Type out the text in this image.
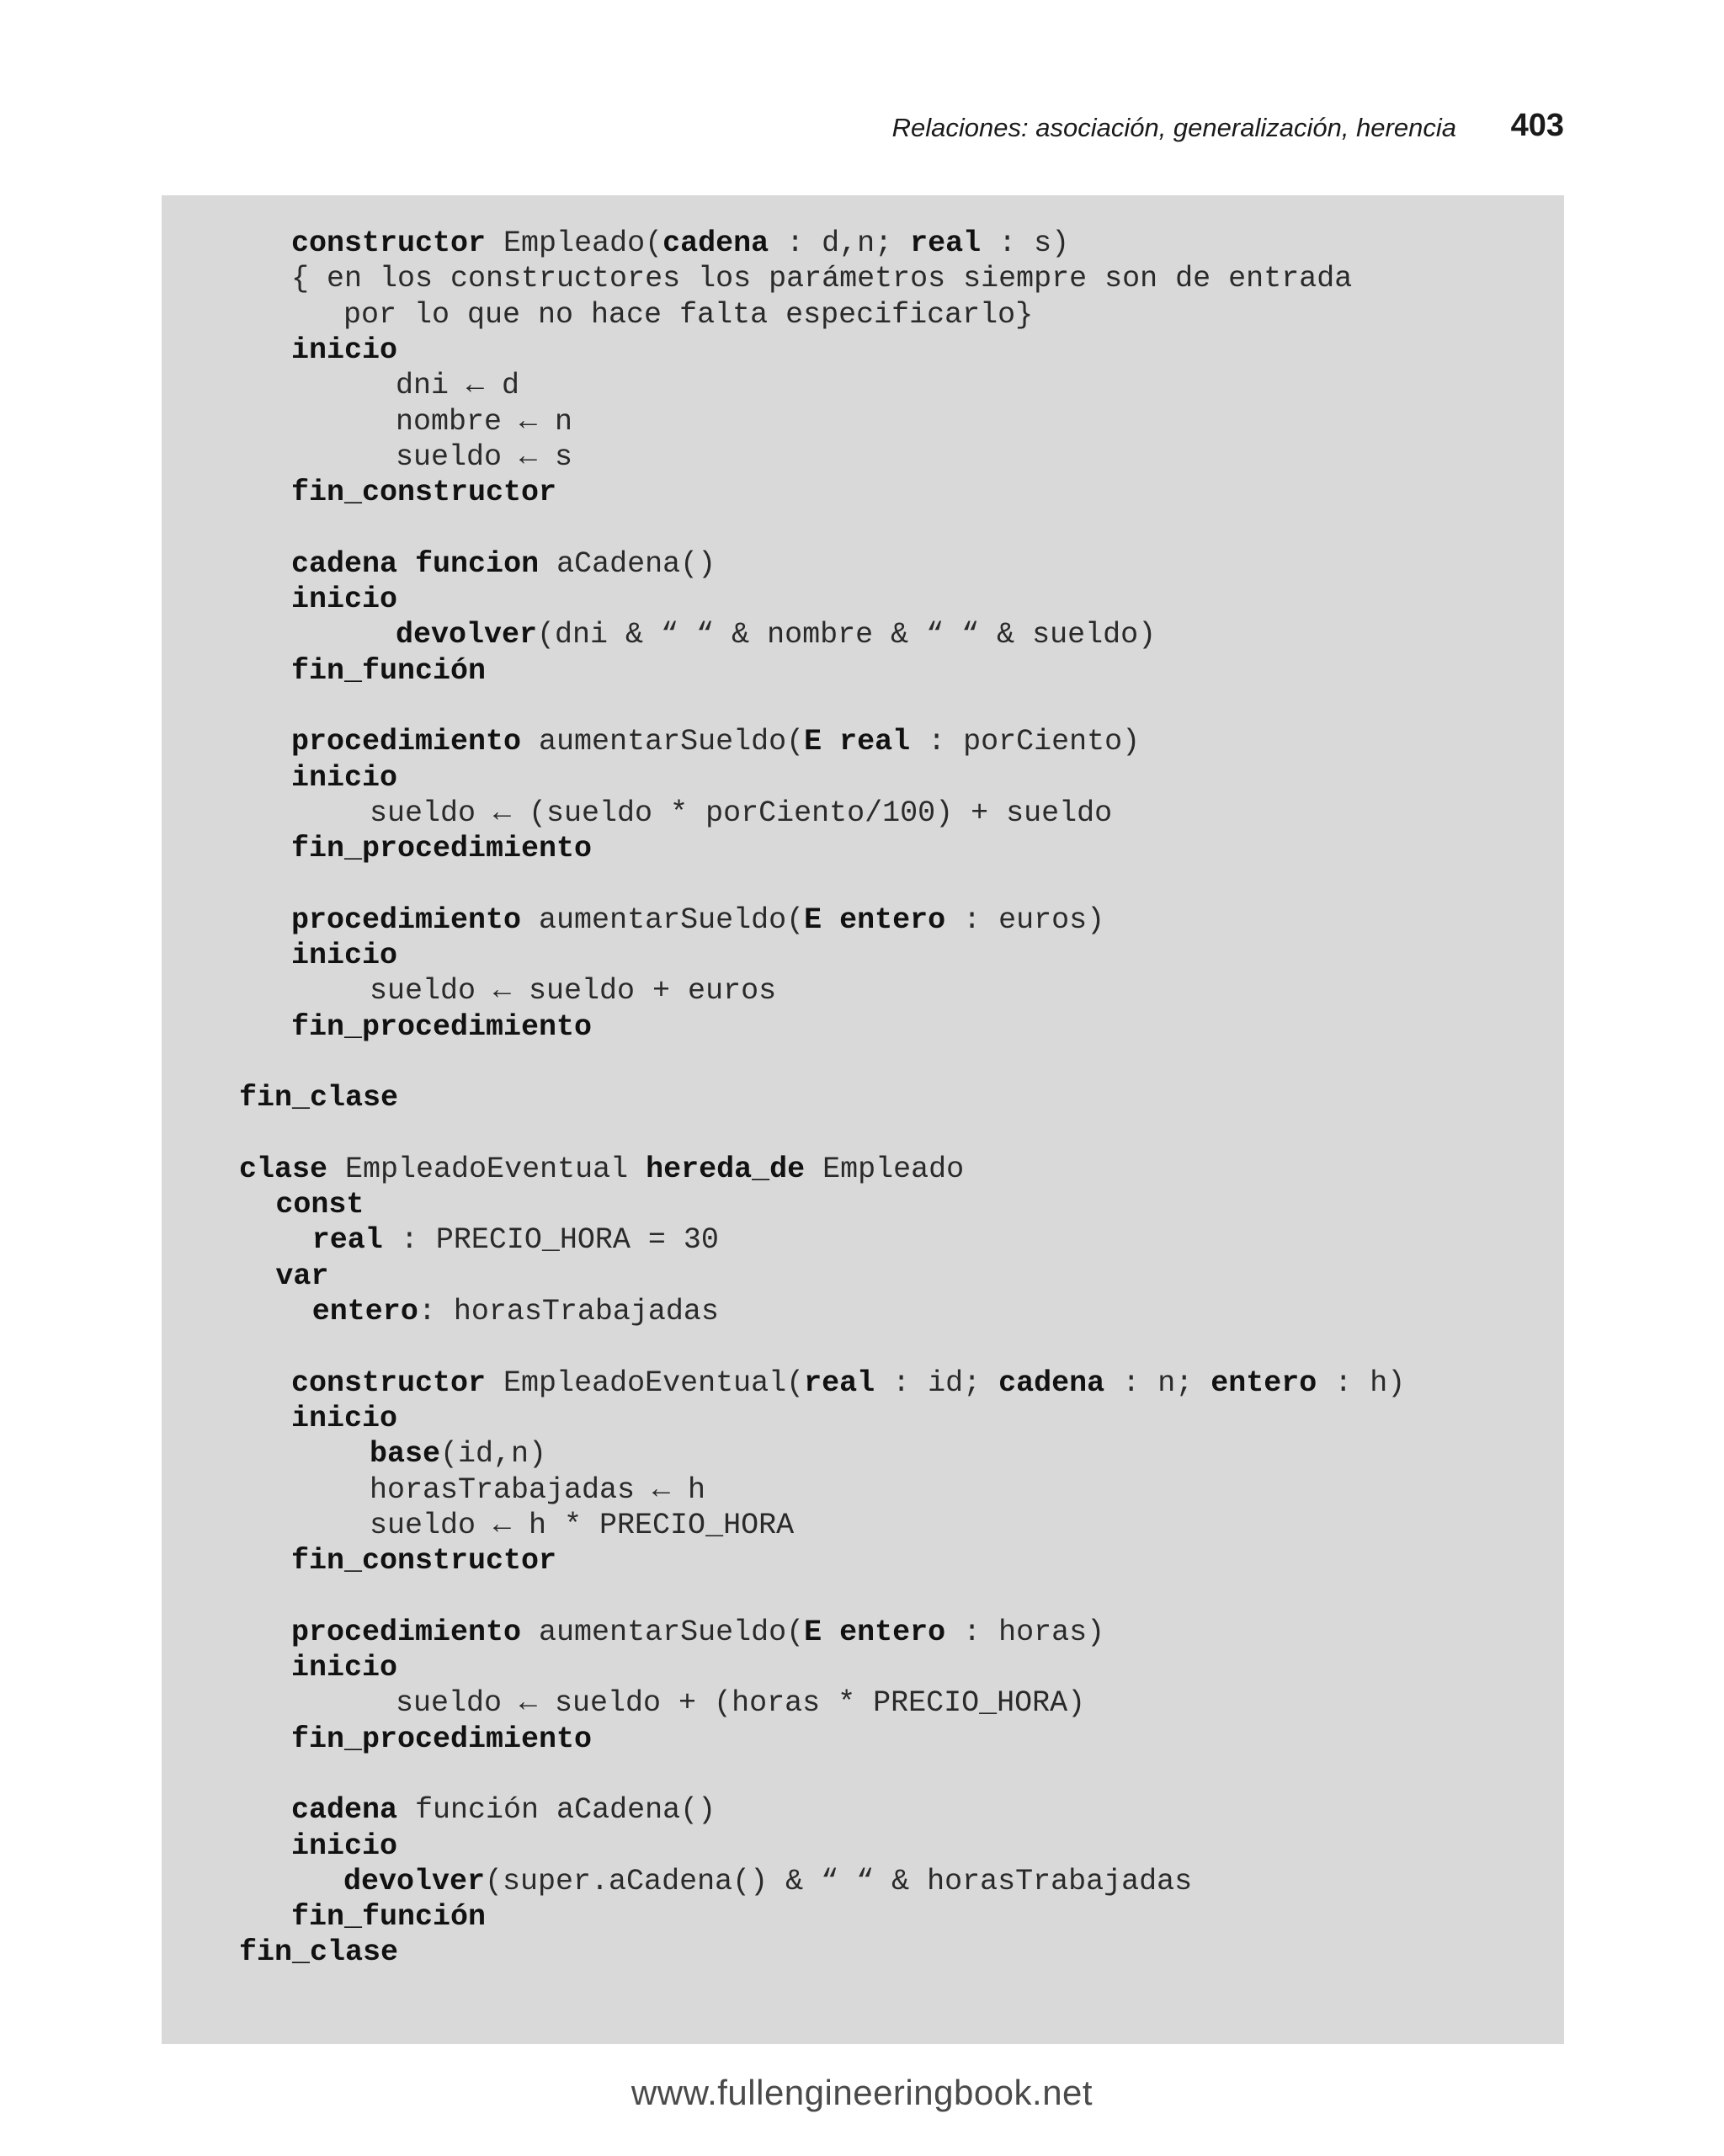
Relaciones: asociación, generalización, herencia 403
constructor Empleado(cadena : d,n; real : s)
{ en los constructores los parámetros siempre son de entrada
por lo que no hace falta especificarlo}
inicio
dni ← d
nombre ← n
sueldo ← s
fin_constructor
cadena funcion aCadena()
inicio
devolver(dni & “ “ & nombre & “ “ & sueldo)
fin_función
procedimiento aumentarSueldo(E real : porCiento)
inicio
sueldo ← (sueldo * porCiento/100) + sueldo
fin_procedimiento
procedimiento aumentarSueldo(E entero : euros)
inicio
sueldo ← sueldo + euros
fin_procedimiento
fin_clase
clase EmpleadoEventual hereda_de Empleado
const
real : PRECIO_HORA = 30
var
entero: horasTrabajadas
constructor EmpleadoEventual(real : id; cadena : n; entero : h)
inicio
base(id,n)
horasTrabajadas ← h
sueldo ← h * PRECIO_HORA
fin_constructor
procedimiento aumentarSueldo(E entero : horas)
inicio
sueldo ← sueldo + (horas * PRECIO_HORA)
fin_procedimiento
cadena función aCadena()
inicio
devolver(super.aCadena() & “ “ & horasTrabajadas
fin_función
fin_clase
www.fullengineeringbook.net
